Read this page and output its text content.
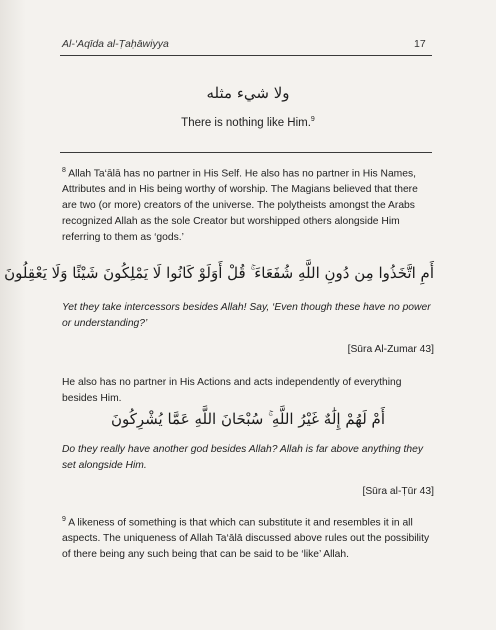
Al-‘Aqīda al-Ṭaḥāwiyya	17
ولا شيء مثله
There is nothing like Him.$^9$
$^8$ Allah Ta‘ālā has no partner in His Self. He also has no partner in His Names, Attributes and in His being worthy of worship. The Magians believed that there are two (or more) creators of the universe. The polytheists amongst the Arabs recognized Allah as the sole Creator but worshipped others alongside Him referring to them as ‘gods.’
أَمِ اتَّخَذُوا مِن دُونِ اللَّهِ شُفَعَاءَ ۚ قُلْ أَوَلَوْ كَانُوا لَا يَمْلِكُونَ شَيْئًا وَلَا يَعْقِلُونَ
Yet they take intercessors besides Allah! Say, ‘Even though these have no power or understanding?’
[Sūra Al-Zumar 43]
He also has no partner in His Actions and acts independently of everything besides Him.
أَمْ لَهُمْ إِلَٰهٌ غَيْرُ اللَّهِ ۚ سُبْحَانَ اللَّهِ عَمَّا يُشْرِكُونَ
Do they really have another god besides Allah? Allah is far above anything they set alongside Him.
[Sūra al-Ṭūr 43]
$^9$ A likeness of something is that which can substitute it and resembles it in all aspects. The uniqueness of Allah Ta‘ālā discussed above rules out the possibility of there being any such being that can be said to be ‘like’ Allah.
